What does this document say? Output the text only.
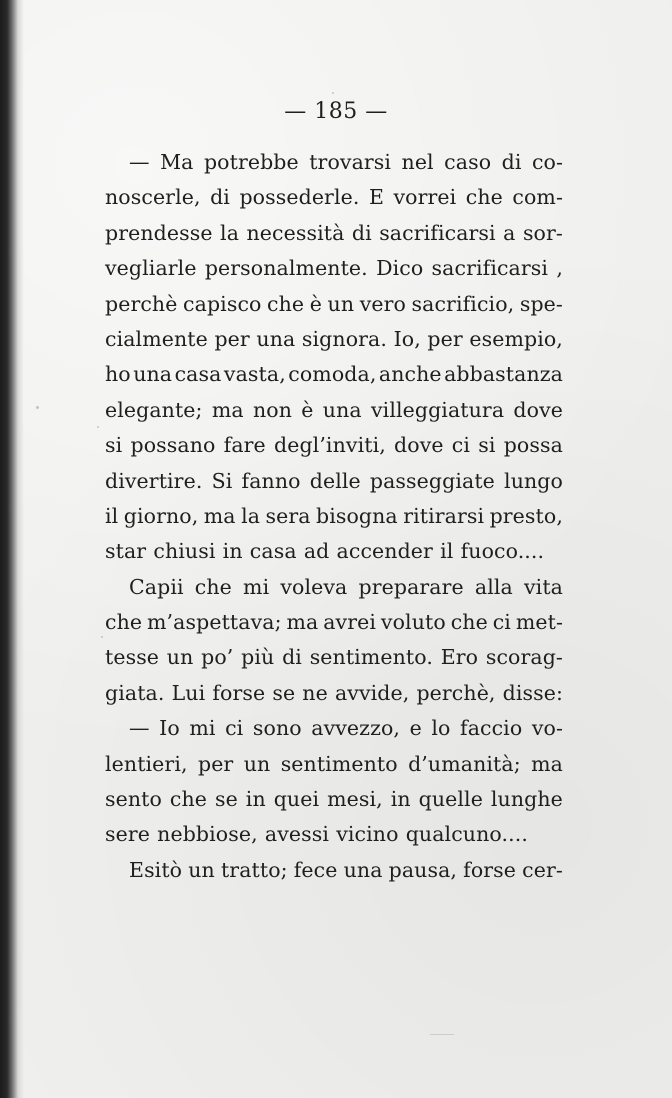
— 185 —
— Ma potrebbe trovarsi nel caso di co-
noscerle, di possederle. E vorrei che com-
prendesse la necessità di sacrificarsi a sor-
vegliarle personalmente. Dico sacrificarsi ,
perchè capisco che è un vero sacrificio, spe-
cialmente per una signora. Io, per esempio,
ho una casa vasta, comoda, anche abbastanza
elegante; ma non è una villeggiatura dove
si possano fare degl’inviti, dove ci si possa
divertire. Si fanno delle passeggiate lungo
il giorno, ma la sera bisogna ritirarsi presto,
star chiusi in casa ad accender il fuoco....
Capii che mi voleva preparare alla vita
che m’aspettava; ma avrei voluto che ci met-
tesse un po’ più di sentimento. Ero scorag-
giata. Lui forse se ne avvide, perchè, disse:
— Io mi ci sono avvezzo, e lo faccio vo-
lentieri, per un sentimento d’umanità; ma
sento che se in quei mesi, in quelle lunghe
sere nebbiose, avessi vicino qualcuno....
Esitò un tratto; fece una pausa, forse cer-
